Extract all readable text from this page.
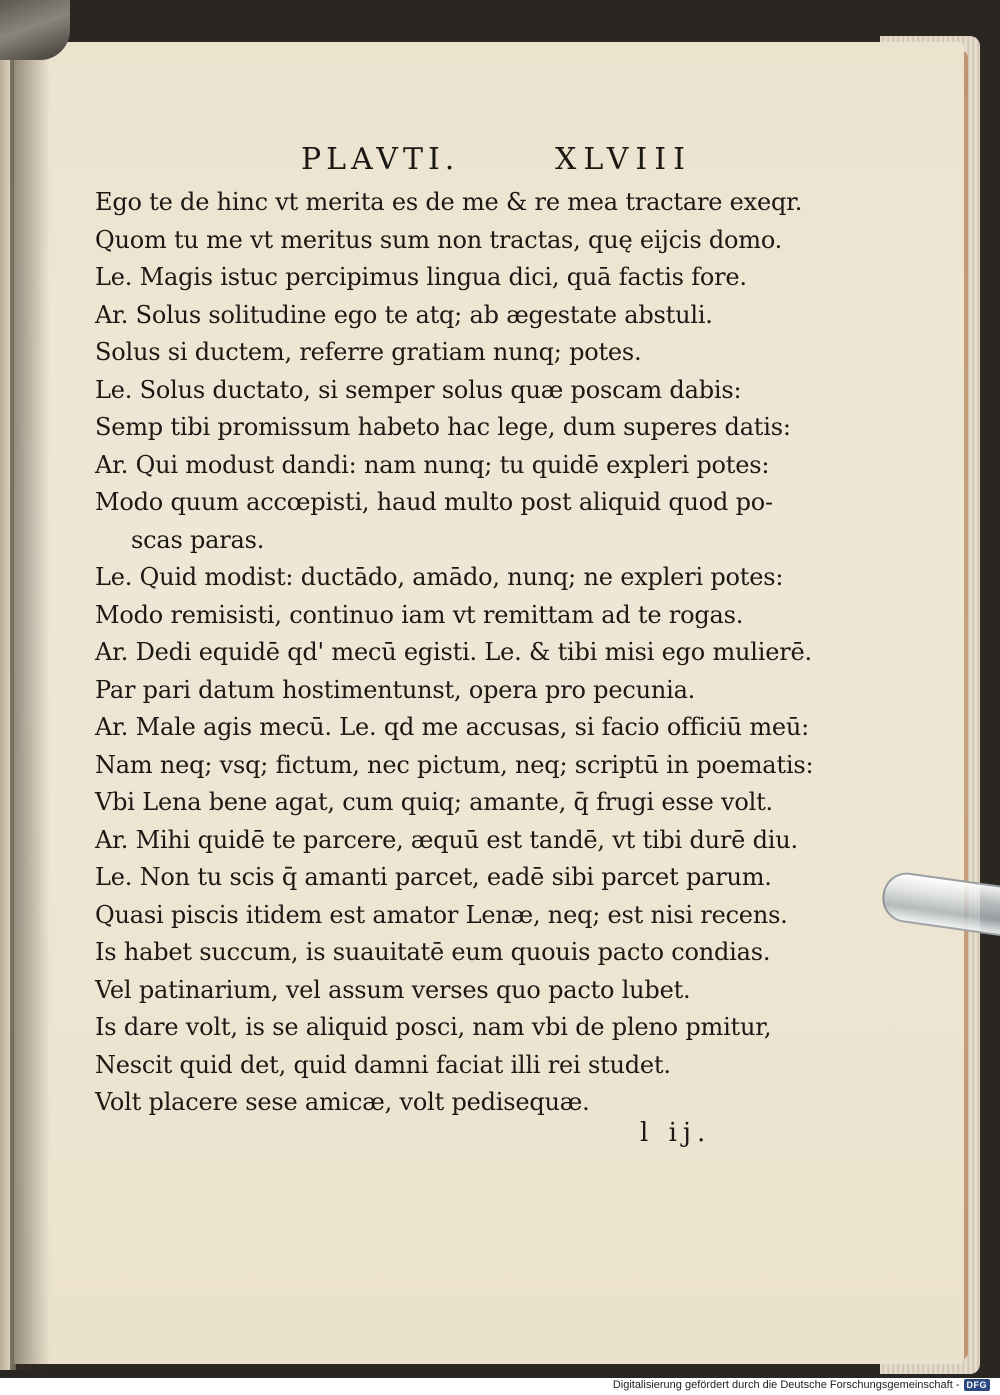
PLAVTI.	XLVIII
Ego te de hinc vt merita es de me & re mea tractare exeqr.
Quom tu me vt meritus sum non tractas, quę eijcis domo.
Le. Magis istuc percipimus lingua dici, quā factis fore.
Ar. Solus solitudine ego te atq; ab ægestate abstuli.
Solus si ductem, referre gratiam nunq; potes.
Le. Solus ductato, si semper solus quæ poscam dabis:
Semp tibi promissum habeto hac lege, dum superes datis:
Ar. Qui modust dandi: nam nunq; tu quidē expleri potes:
Modo quum accœpisti, haud multo post aliquid quod po-
scas paras.
Le. Quid modist: ductādo, amādo, nunq; ne expleri potes:
Modo remisisti, continuo iam vt remittam ad te rogas.
Ar. Dedi equidē qd' mecū egisti. Le. & tibi misi ego mulierē.
Par pari datum hostimentunst, opera pro pecunia.
Ar. Male agis mecū. Le. qd me accusas, si facio officiū meū:
Nam neq; vsq; fictum, nec pictum, neq; scriptū in poematis:
Vbi Lena bene agat, cum quiq; amante, q̄ frugi esse volt.
Ar. Mihi quidē te parcere, æquū est tandē, vt tibi durē diu.
Le. Non tu scis q̄ amanti parcet, eadē sibi parcet parum.
Quasi piscis itidem est amator Lenæ, neq; est nisi recens.
Is habet succum, is suauitatē eum quouis pacto condias.
Vel patinarium, vel assum verses quo pacto lubet.
Is dare volt, is se aliquid posci, nam vbi de pleno pmitur,
Nescit quid det, quid damni faciat illi rei studet.
Volt placere sese amicæ, volt pedisequæ.
l ij.
Digitalisierung gefördert durch die Deutsche Forschungsgemeinschaft - DFG
